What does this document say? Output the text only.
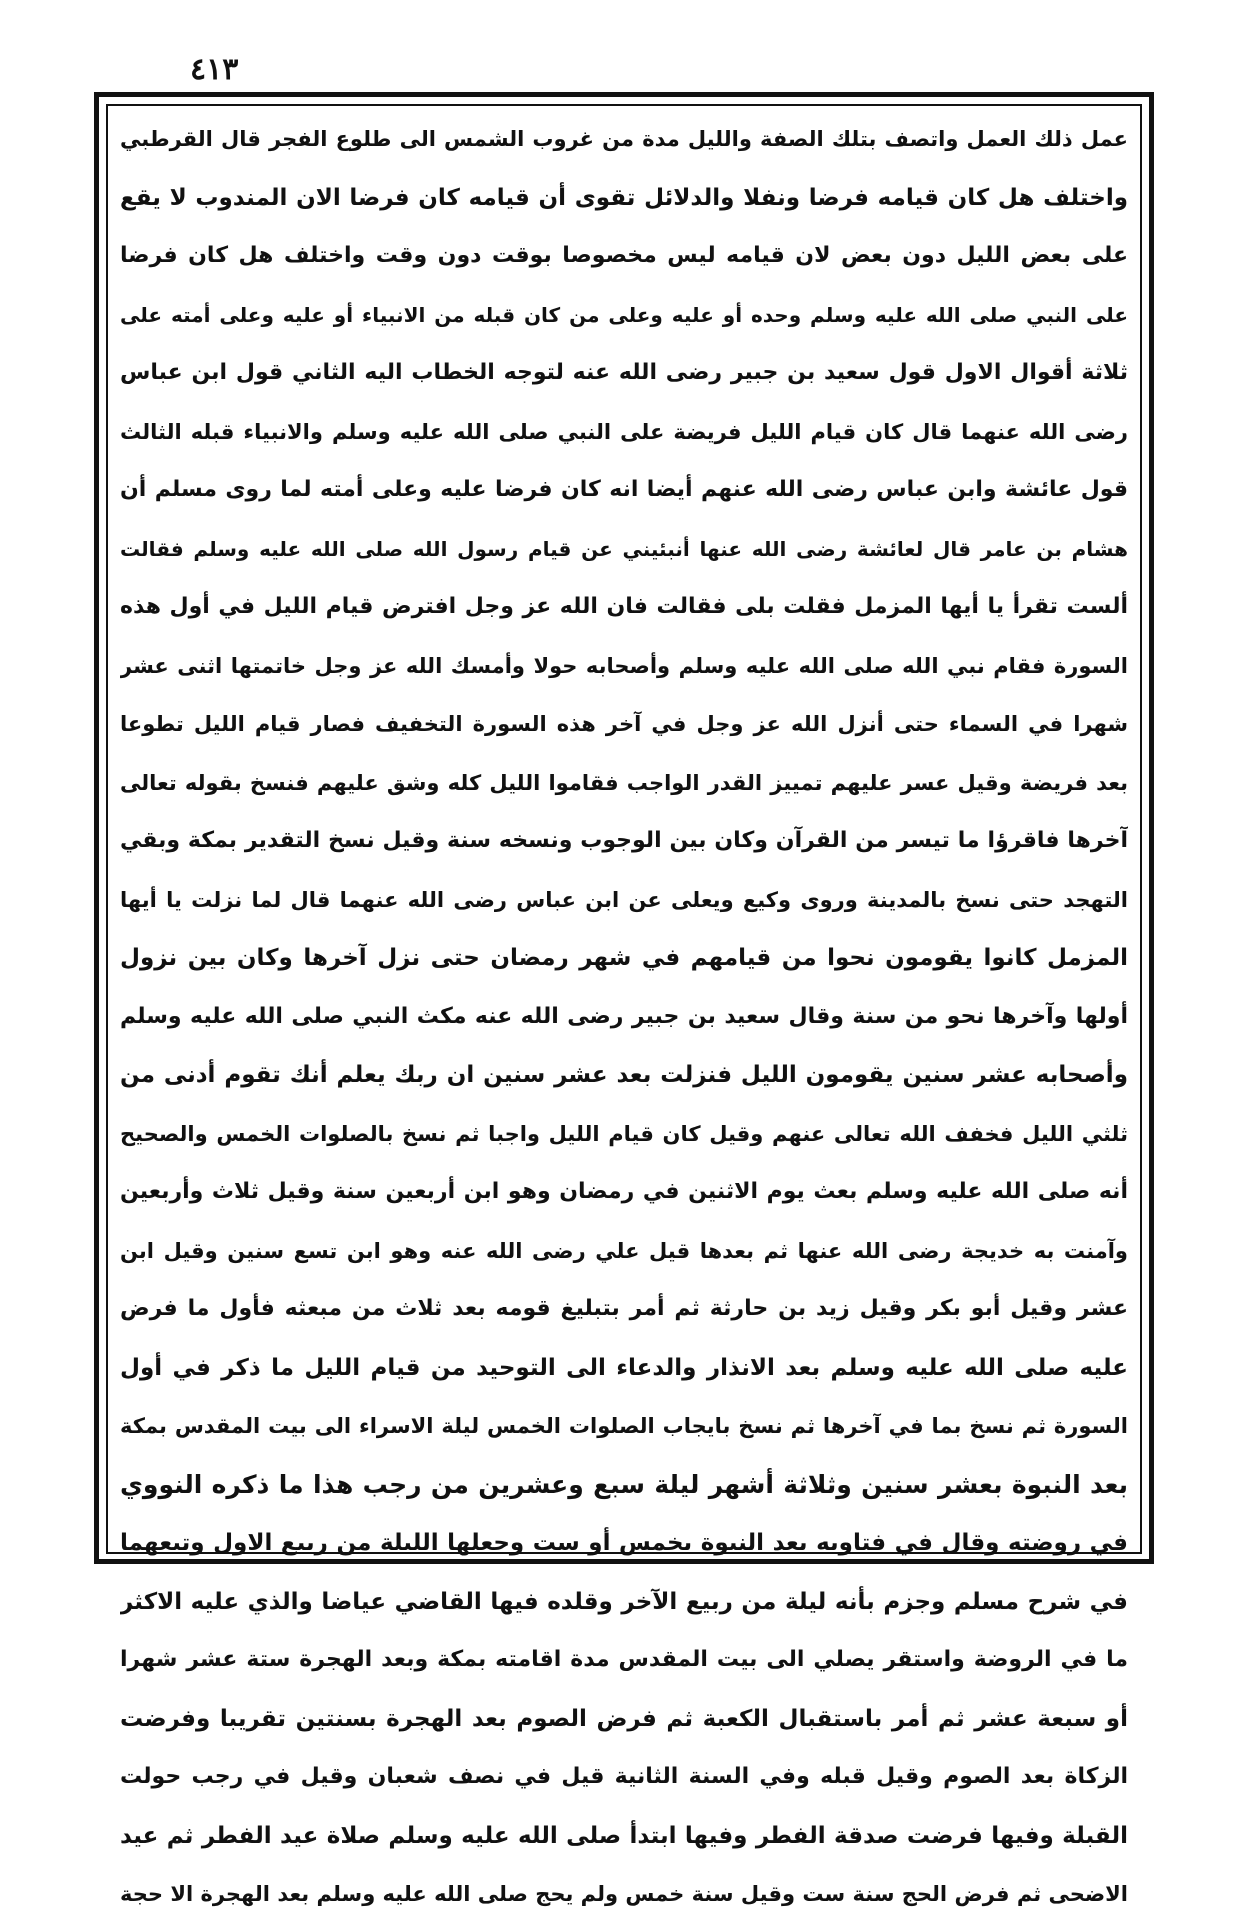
٤١٣
عمل ذلك العمل واتصف بتلك الصفة والليل مدة من غروب الشمس الى طلوع الفجر قال القرطبي
واختلف هل كان قيامه فرضا ونفلا والدلائل تقوى أن قيامه كان فرضا الان المندوب لا يقع
على بعض الليل دون بعض لان قيامه ليس مخصوصا بوقت دون وقت واختلف هل كان فرضا
على النبي صلى الله عليه وسلم وحده أو عليه وعلى من كان قبله من الانبياء أو عليه وعلى أمته على
ثلاثة أقوال الاول قول سعيد بن جبير رضى الله عنه لتوجه الخطاب اليه الثاني قول ابن عباس
رضى الله عنهما قال كان قيام الليل فريضة على النبي صلى الله عليه وسلم والانبياء قبله الثالث
قول عائشة وابن عباس رضى الله عنهم أيضا انه كان فرضا عليه وعلى أمته لما روى مسلم أن
هشام بن عامر قال لعائشة رضى الله عنها أنبئيني عن قيام رسول الله صلى الله عليه وسلم فقالت
ألست تقرأ يا أيها المزمل فقلت بلى فقالت فان الله عز وجل افترض قيام الليل في أول هذه
السورة فقام نبي الله صلى الله عليه وسلم وأصحابه حولا وأمسك الله عز وجل خاتمتها اثنى عشر
شهرا في السماء حتى أنزل الله عز وجل في آخر هذه السورة التخفيف فصار قيام الليل تطوعا
بعد فريضة وقيل عسر عليهم تمييز القدر الواجب فقاموا الليل كله وشق عليهم فنسخ بقوله تعالى
آخرها فاقرؤا ما تيسر من القرآن وكان بين الوجوب ونسخه سنة وقيل نسخ التقدير بمكة وبقي
التهجد حتى نسخ بالمدينة وروى وكيع ويعلى عن ابن عباس رضى الله عنهما قال لما نزلت يا أيها
المزمل كانوا يقومون نحوا من قيامهم في شهر رمضان حتى نزل آخرها وكان بين نزول
أولها وآخرها نحو من سنة وقال سعيد بن جبير رضى الله عنه مكث النبي صلى الله عليه وسلم
وأصحابه عشر سنين يقومون الليل فنزلت بعد عشر سنين ان ربك يعلم أنك تقوم أدنى من
ثلثي الليل فخفف الله تعالى عنهم وقيل كان قيام الليل واجبا ثم نسخ بالصلوات الخمس والصحيح
أنه صلى الله عليه وسلم بعث يوم الاثنين في رمضان وهو ابن أربعين سنة وقيل ثلاث وأربعين
وآمنت به خديجة رضى الله عنها ثم بعدها قيل علي رضى الله عنه وهو ابن تسع سنين وقيل ابن
عشر وقيل أبو بكر وقيل زيد بن حارثة ثم أمر بتبليغ قومه بعد ثلاث من مبعثه فأول ما فرض
عليه صلى الله عليه وسلم بعد الانذار والدعاء الى التوحيد من قيام الليل ما ذكر في أول
السورة ثم نسخ بما في آخرها ثم نسخ بايجاب الصلوات الخمس ليلة الاسراء الى بيت المقدس بمكة
بعد النبوة بعشر سنين وثلاثة أشهر ليلة سبع وعشرين من رجب هذا ما ذكره النووي
في روضته وقال في فتاويه بعد النبوة بخمس أو ست وجعلها الليلة من ربيع الاول وتبعهما
في شرح مسلم وجزم بأنه ليلة من ربيع الآخر وقلده فيها القاضي عياضا والذي عليه الاكثر
ما في الروضة واستقر يصلي الى بيت المقدس مدة اقامته بمكة وبعد الهجرة ستة عشر شهرا
أو سبعة عشر ثم أمر باستقبال الكعبة ثم فرض الصوم بعد الهجرة بسنتين تقريبا وفرضت
الزكاة بعد الصوم وقيل قبله وفي السنة الثانية قيل في نصف شعبان وقيل في رجب حولت
القبلة وفيها فرضت صدقة الفطر وفيها ابتدأ صلى الله عليه وسلم صلاة عيد الفطر ثم عيد
الاضحى ثم فرض الحج سنة ست وقيل سنة خمس ولم يحج صلى الله عليه وسلم بعد الهجرة الا حجة
